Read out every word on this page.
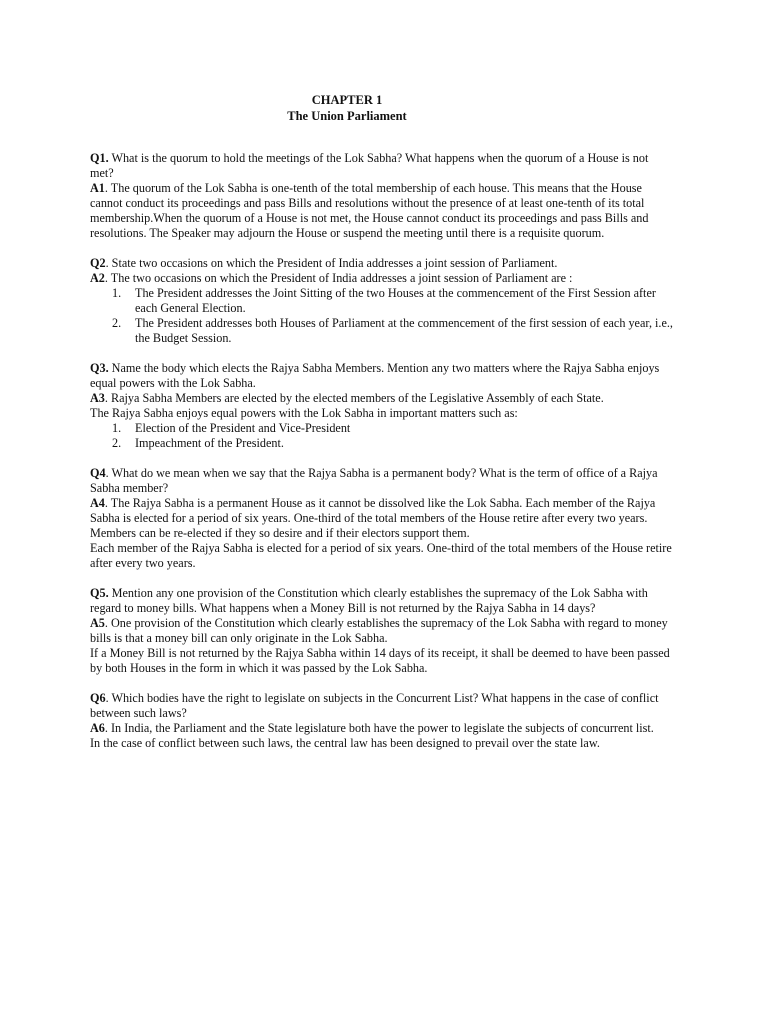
CHAPTER 1
The Union Parliament

Q1. What is the quorum to hold the meetings of the Lok Sabha? What happens when the quorum of a House is not met?

A1. The quorum of the Lok Sabha is one-tenth of the total membership of each house. This means that the House cannot conduct its proceedings and pass Bills and resolutions without the presence of at least one-tenth of its total membership.When the quorum of a House is not met, the House cannot conduct its proceedings and pass Bills and resolutions. The Speaker may adjourn the House or suspend the meeting until there is a requisite quorum.

Q2. State two occasions on which the President of India addresses a joint session of Parliament.

A2. The two occasions on which the President of India addresses a joint session of Parliament are :

1. The President addresses the Joint Sitting of the two Houses at the commencement of the First Session after each General Election.
2. The President addresses both Houses of Parliament at the commencement of the first session of each year, i.e., the Budget Session.

Q3. Name the body which elects the Rajya Sabha Members. Mention any two matters where the Rajya Sabha enjoys equal powers with the Lok Sabha.

A3. Rajya Sabha Members are elected by the elected members of the Legislative Assembly of each State.

The Rajya Sabha enjoys equal powers with the Lok Sabha in important matters such as:

1. Election of the President and Vice-President
2. Impeachment of the President.

Q4. What do we mean when we say that the Rajya Sabha is a permanent body? What is the term of office of a Rajya Sabha member?

A4. The Rajya Sabha is a permanent House as it cannot be dissolved like the Lok Sabha. Each member of the Rajya Sabha is elected for a period of six years. One-third of the total members of the House retire after every two years. Members can be re-elected if they so desire and if their electors support them.

Each member of the Rajya Sabha is elected for a period of six years. One-third of the total members of the House retire after every two years.

Q5. Mention any one provision of the Constitution which clearly establishes the supremacy of the Lok Sabha with regard to money bills. What happens when a Money Bill is not returned by the Rajya Sabha in 14 days?

A5. One provision of the Constitution which clearly establishes the supremacy of the Lok Sabha with regard to money bills is that a money bill can only originate in the Lok Sabha.

If a Money Bill is not returned by the Rajya Sabha within 14 days of its receipt, it shall be deemed to have been passed by both Houses in the form in which it was passed by the Lok Sabha.

Q6. Which bodies have the right to legislate on subjects in the Concurrent List? What happens in the case of conflict between such laws?

A6. In India, the Parliament and the State legislature both have the power to legislate the subjects of concurrent list.

In the case of conflict between such laws, the central law has been designed to prevail over the state law.
